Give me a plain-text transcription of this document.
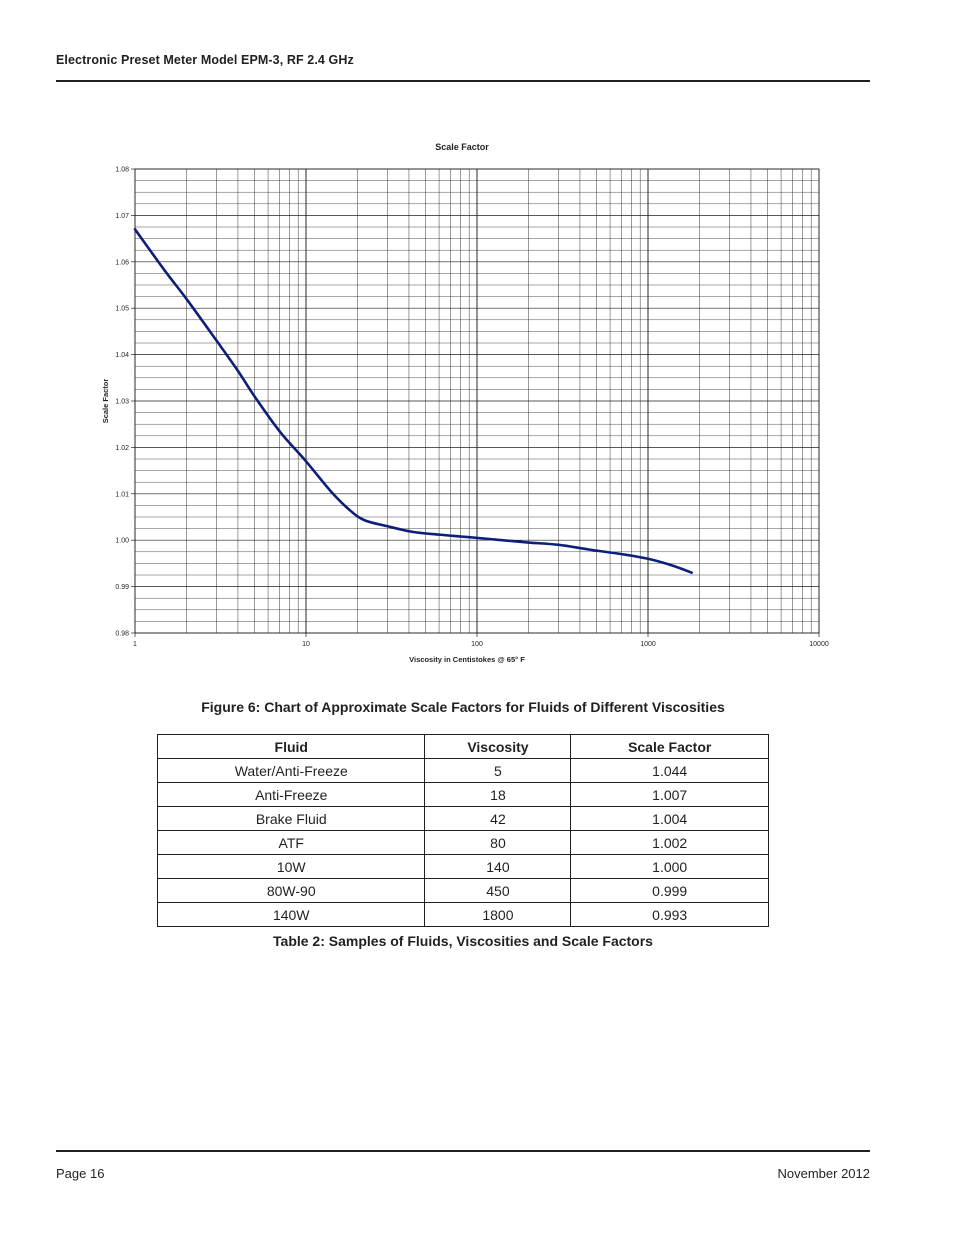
Electronic Preset Meter Model EPM-3, RF 2.4 GHz
Scale Factor
0.98
0.99
1.00
1.01
1.02
1.03
1.04
1.05
1.06
1.07
1.08
1	10	100	1000	10000
Viscosity in Centistokes @ 65° F
Scale Factor
Figure 6: Chart of Approximate Scale Factors for Fluids of Different Viscosities
Fluid	Viscosity	Scale Factor
Water/Anti-Freeze	5	1.044
Anti-Freeze	18	1.007
Brake Fluid	42	1.004
ATF	80	1.002
10W	140	1.000
80W-90	450	0.999
140W	1800	0.993
Table 2: Samples of Fluids, Viscosities and Scale Factors
Page 16	November 2012
